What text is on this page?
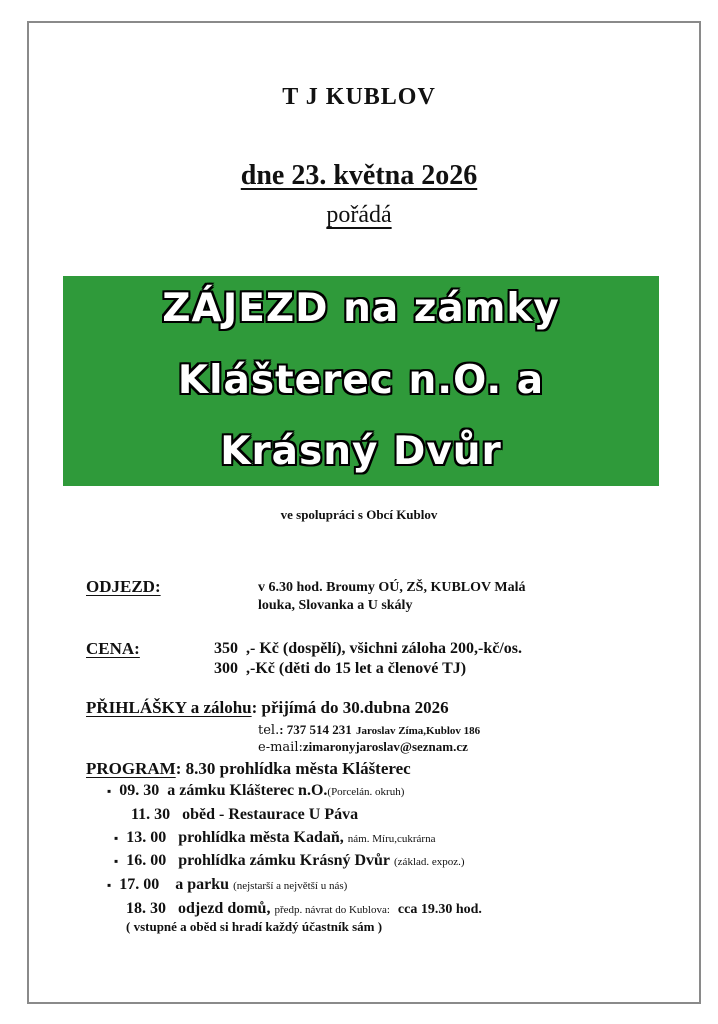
T J KUBLOV
dne 23. května 2o26
pořádá
ZÁJEZD na zámky
Klášterec n.O. a
Krásný Dvůr
ve spolupráci s Obcí Kublov
ODJEZD:	v 6.30 hod. Broumy OÚ, ZŠ, KUBLOV Malá
louka, Slovanka a U skály
CENA:	350 ,- Kč (dospělí), všichni záloha 200,-kč/os.
300 ,-Kč (děti do 15 let a členové TJ)
PŘIHLÁŠKY a zálohu: přijímá do 30.dubna 2026
tel.: 737 514 231 Jaroslav Zíma,Kublov 186
e-mail:zimaronyjaroslav@seznam.cz
PROGRAM: 8.30 prohlídka města Klášterec
▪ 09. 30 a zámku Klášterec n.O.(Porcelán. okruh)
11. 30 oběd - Restaurace U Páva
▪ 13. 00 prohlídka města Kadaň, nám. Míru,cukrárna
▪ 16. 00 prohlídka zámku Krásný Dvůr (základ. expoz.)
▪ 17. 00 a parku (nejstarší a největší u nás)
18. 30 odjezd domů, předp. návrat do Kublova: cca 19.30 hod.
( vstupné a oběd si hradí každý účastník sám )
